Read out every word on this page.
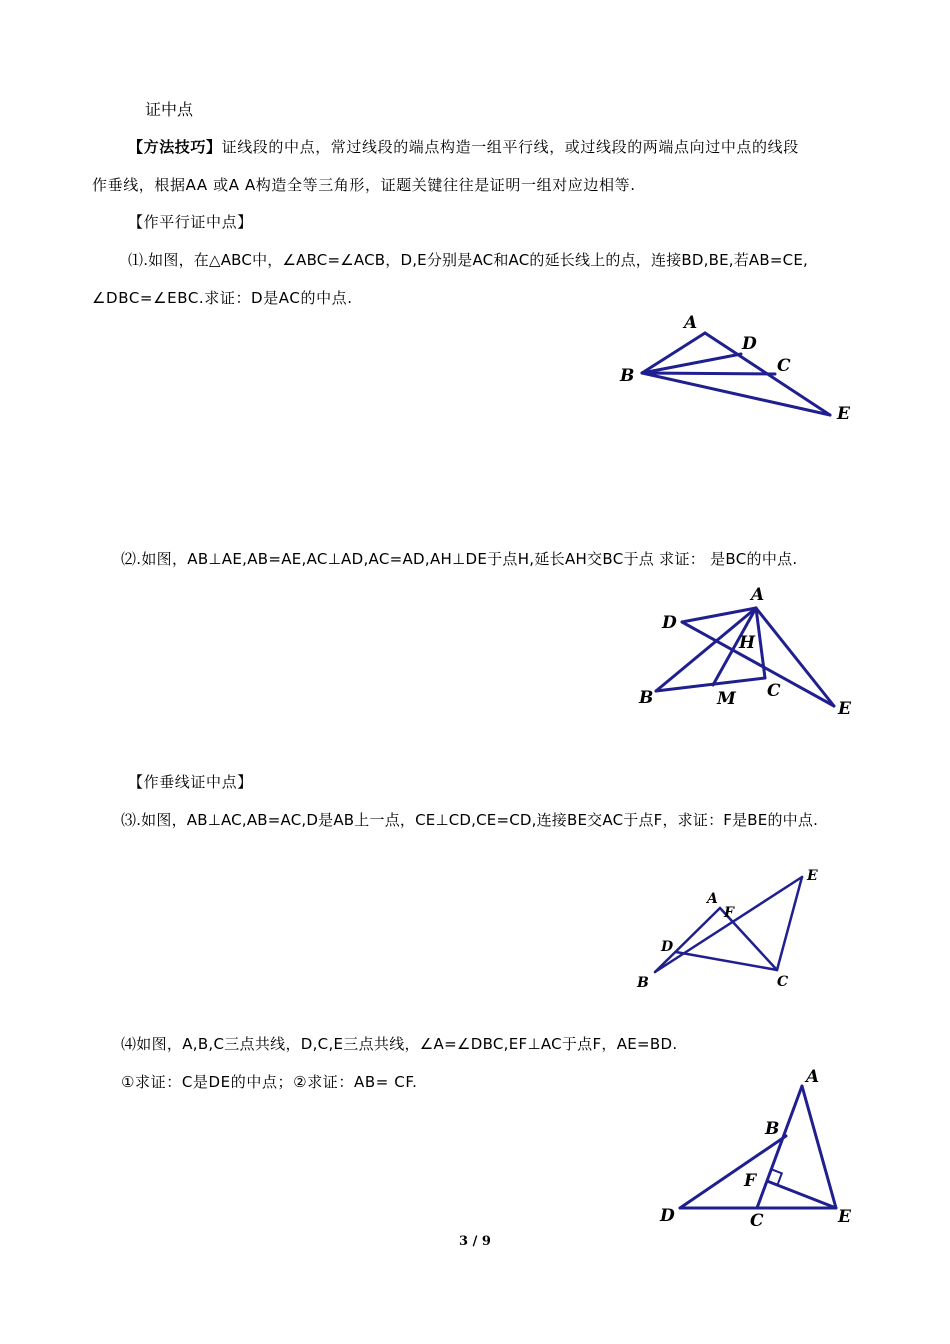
证中点
【方法技巧】证线段的中点，常过线段的端点构造一组平行线，或过线段的两端点向过中点的线段
作垂线，根据AA 或A A构造全等三角形，证题关键往往是证明一组对应边相等.
【作平行证中点】
⑴.如图，在△ABC中，∠ABC=∠ACB，D,E分别是AC和AC的延长线上的点，连接BD,BE,若AB=CE,
∠DBC=∠EBC.求证：D是AC的中点.
A
D
C
B
E
⑵.如图，AB⊥AE,AB=AE,AC⊥AD,AC=AD,AH⊥DE于点H,延长AH交BC于点 求证： 是BC的中点.
A
D
H
B	M C
E
【作垂线证中点】
⑶.如图，AB⊥AC,AB=AC,D是AB上一点，CE⊥CD,CE=CD,连接BE交AC于点F，求证：F是BE的中点.
A
F
E
D
B	C
⑷如图，A,B,C三点共线，D,C,E三点共线，∠A=∠DBC,EF⊥AC于点F，AE=BD.
①求证：C是DE的中点；②求证：AB= CF.	A
B
F
D	C	E
3 / 9
